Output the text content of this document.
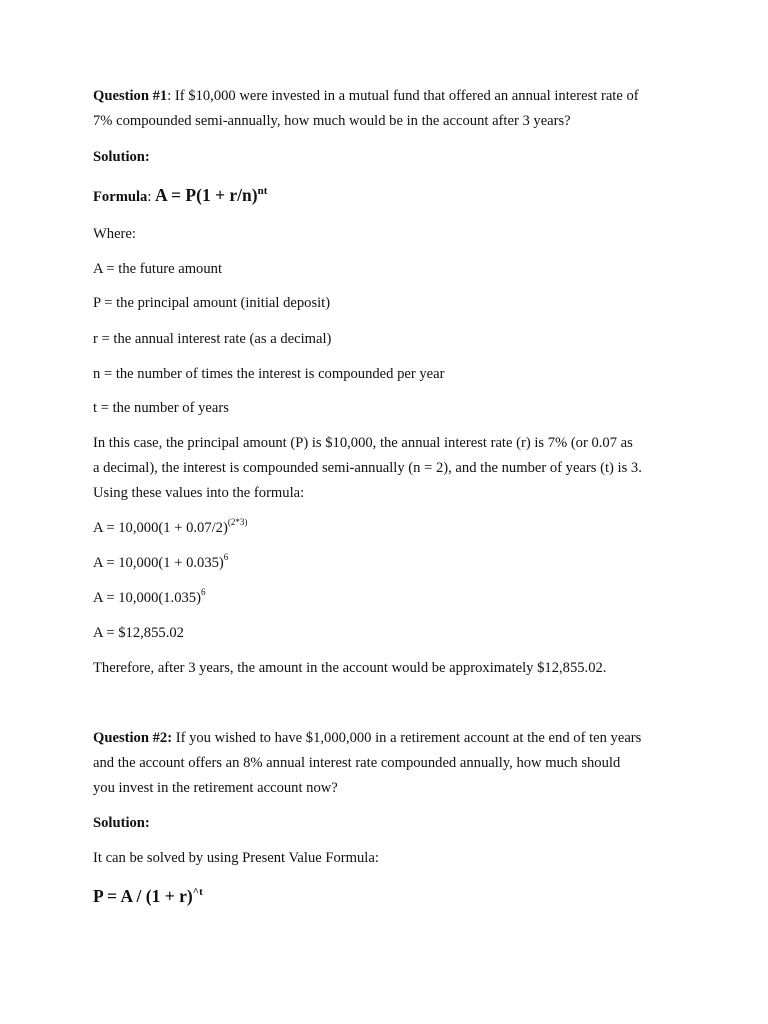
Question #1: If $10,000 were invested in a mutual fund that offered an annual interest rate of

7% compounded semi-annually, how much would be in the account after 3 years?

Solution:

Formula: $A = P(1 + r/n)^{nt}$

Where:

A = the future amount

P = the principal amount (initial deposit)

r = the annual interest rate (as a decimal)

n = the number of times the interest is compounded per year

t = the number of years

In this case, the principal amount (P) is $10,000, the annual interest rate (r) is 7% (or 0.07 as

a decimal), the interest is compounded semi-annually (n = 2), and the number of years (t) is 3.

Using these values into the formula:

$A = 10,000(1 + 0.07/2)^{(2*3)}$

$A = 10,000(1 + 0.035)^6$

$A = 10,000(1.035)^6$

A = $12,855.02

Therefore, after 3 years, the amount in the account would be approximately $12,855.02.

Question #2: If you wished to have $1,000,000 in a retirement account at the end of ten years

and the account offers an 8% annual interest rate compounded annually, how much should

you invest in the retirement account now?

Solution:

It can be solved by using Present Value Formula:

$P = A / (1 + r)^{\^{}t}$
